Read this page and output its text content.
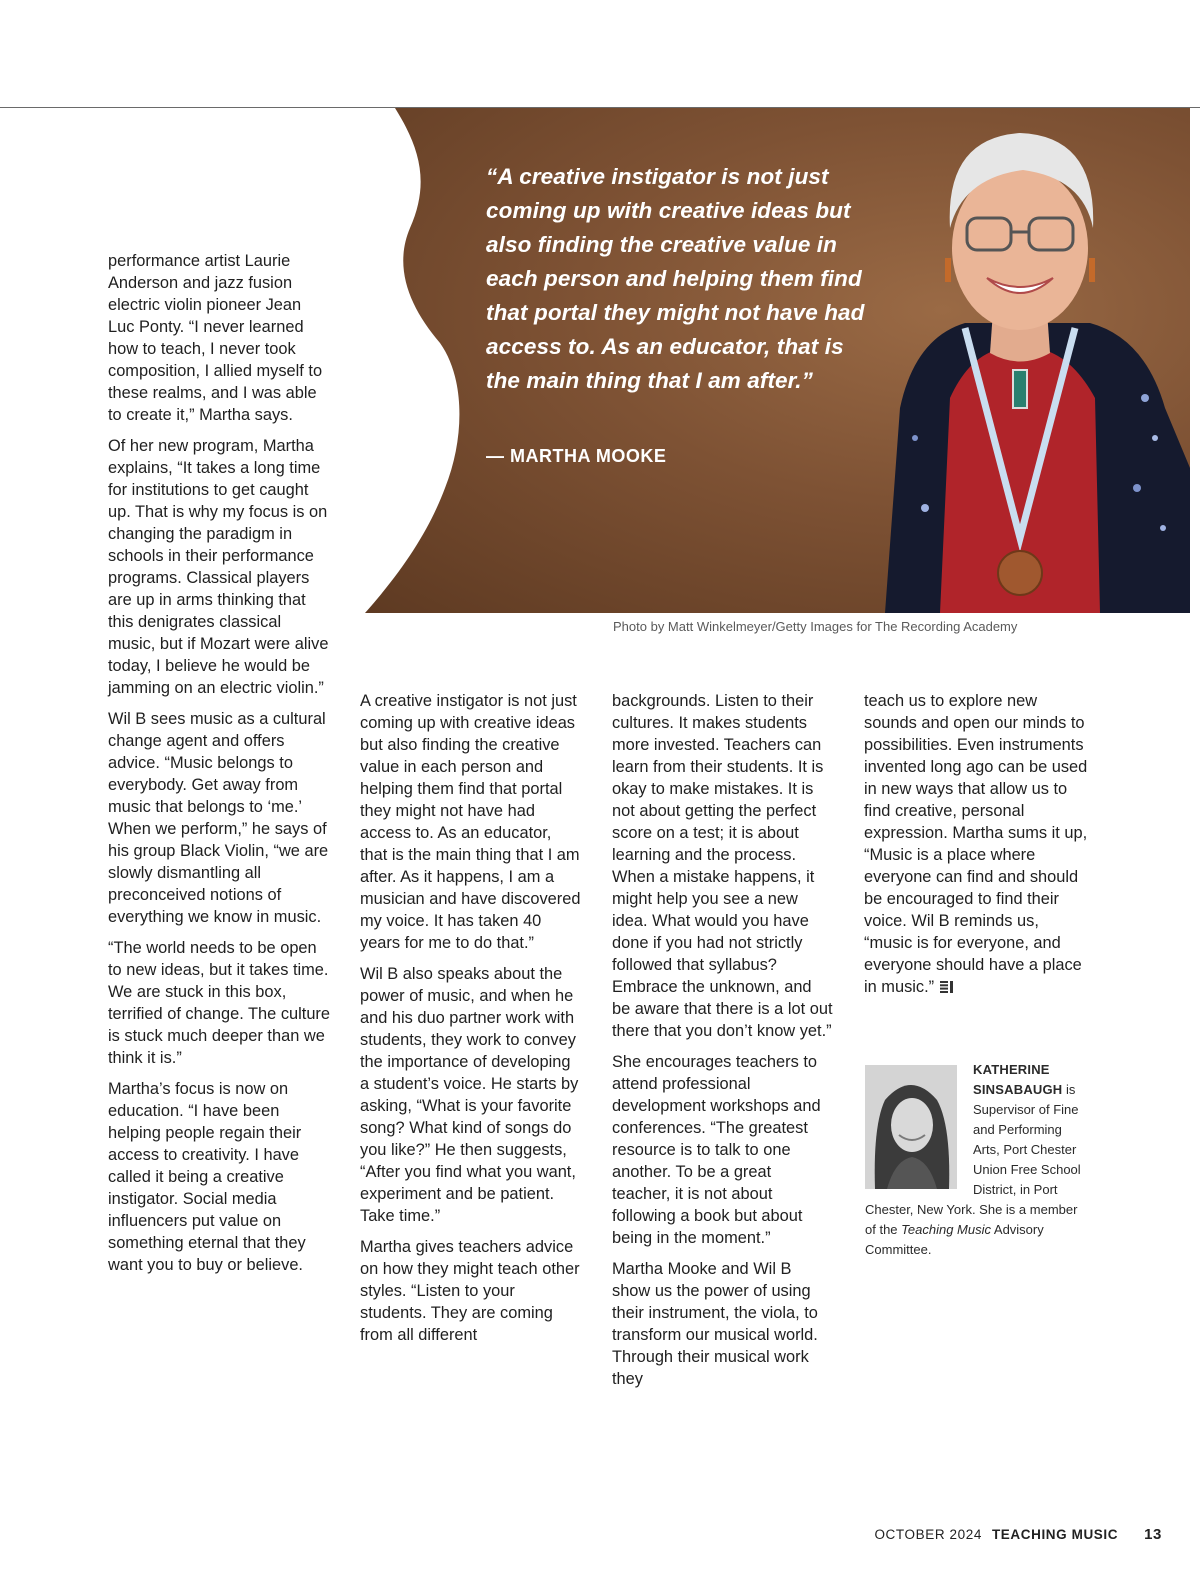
“A creative instigator is not just coming up with creative ideas but also finding the creative value in each person and helping them find that portal they might not have had access to. As an educator, that is the main thing that I am after.”

— MARTHA MOOKE

Photo by Matt Winkelmeyer/Getty Images for The Recording Academy

performance artist Laurie Anderson and jazz fusion electric violin pioneer Jean Luc Ponty. “I never learned how to teach, I never took composition, I allied myself to these realms, and I was able to create it,” Martha says.

Of her new program, Martha explains, “It takes a long time for institutions to get caught up. That is why my focus is on changing the paradigm in schools in their performance programs. Classical players are up in arms thinking that this denigrates classical music, but if Mozart were alive today, I believe he would be jamming on an electric violin.”

Wil B sees music as a cultural change agent and offers advice. “Music belongs to everybody. Get away from music that belongs to ‘me.’ When we perform,” he says of his group Black Violin, “we are slowly dismantling all preconceived notions of everything we know in music.

“The world needs to be open to new ideas, but it takes time. We are stuck in this box, terrified of change. The culture is stuck much deeper than we think it is.”

Martha’s focus is now on education. “I have been helping people regain their access to creativity. I have called it being a creative instigator. Social media influencers put value on something eternal that they want you to buy or believe.

A creative instigator is not just coming up with creative ideas but also finding the creative value in each person and helping them find that portal they might not have had access to. As an educator, that is the main thing that I am after. As it happens, I am a musician and have discovered my voice. It has taken 40 years for me to do that.”

Wil B also speaks about the power of music, and when he and his duo partner work with students, they work to convey the importance of developing a student’s voice. He starts by asking, “What is your favorite song? What kind of songs do you like?” He then suggests, “After you find what you want, experiment and be patient. Take time.”

Martha gives teachers advice on how they might teach other styles. “Listen to your students. They are coming from all different

backgrounds. Listen to their cultures. It makes students more invested. Teachers can learn from their students. It is okay to make mistakes. It is not about getting the perfect score on a test; it is about learning and the process. When a mistake happens, it might help you see a new idea. What would you have done if you had not strictly followed that syllabus? Embrace the unknown, and be aware that there is a lot out there that you don’t know yet.”

She encourages teachers to attend professional development workshops and conferences. “The greatest resource is to talk to one another. To be a great teacher, it is not about following a book but about being in the moment.”

Martha Mooke and Wil B show us the power of using their instrument, the viola, to transform our musical world. Through their musical work they

teach us to explore new sounds and open our minds to possibilities. Even instruments invented long ago can be used in new ways that allow us to find creative, personal expression. Martha sums it up, “Music is a place where everyone can find and should be encouraged to find their voice. Wil B reminds us, “music is for everyone, and everyone should have a place in music.”

KATHERINE SINSABAUGH is Supervisor of Fine and Performing Arts, Port Chester Union Free School District, in Port Chester, New York. She is a member of the Teaching Music Advisory Committee.

OCTOBER 2024 TEACHING MUSIC 13
